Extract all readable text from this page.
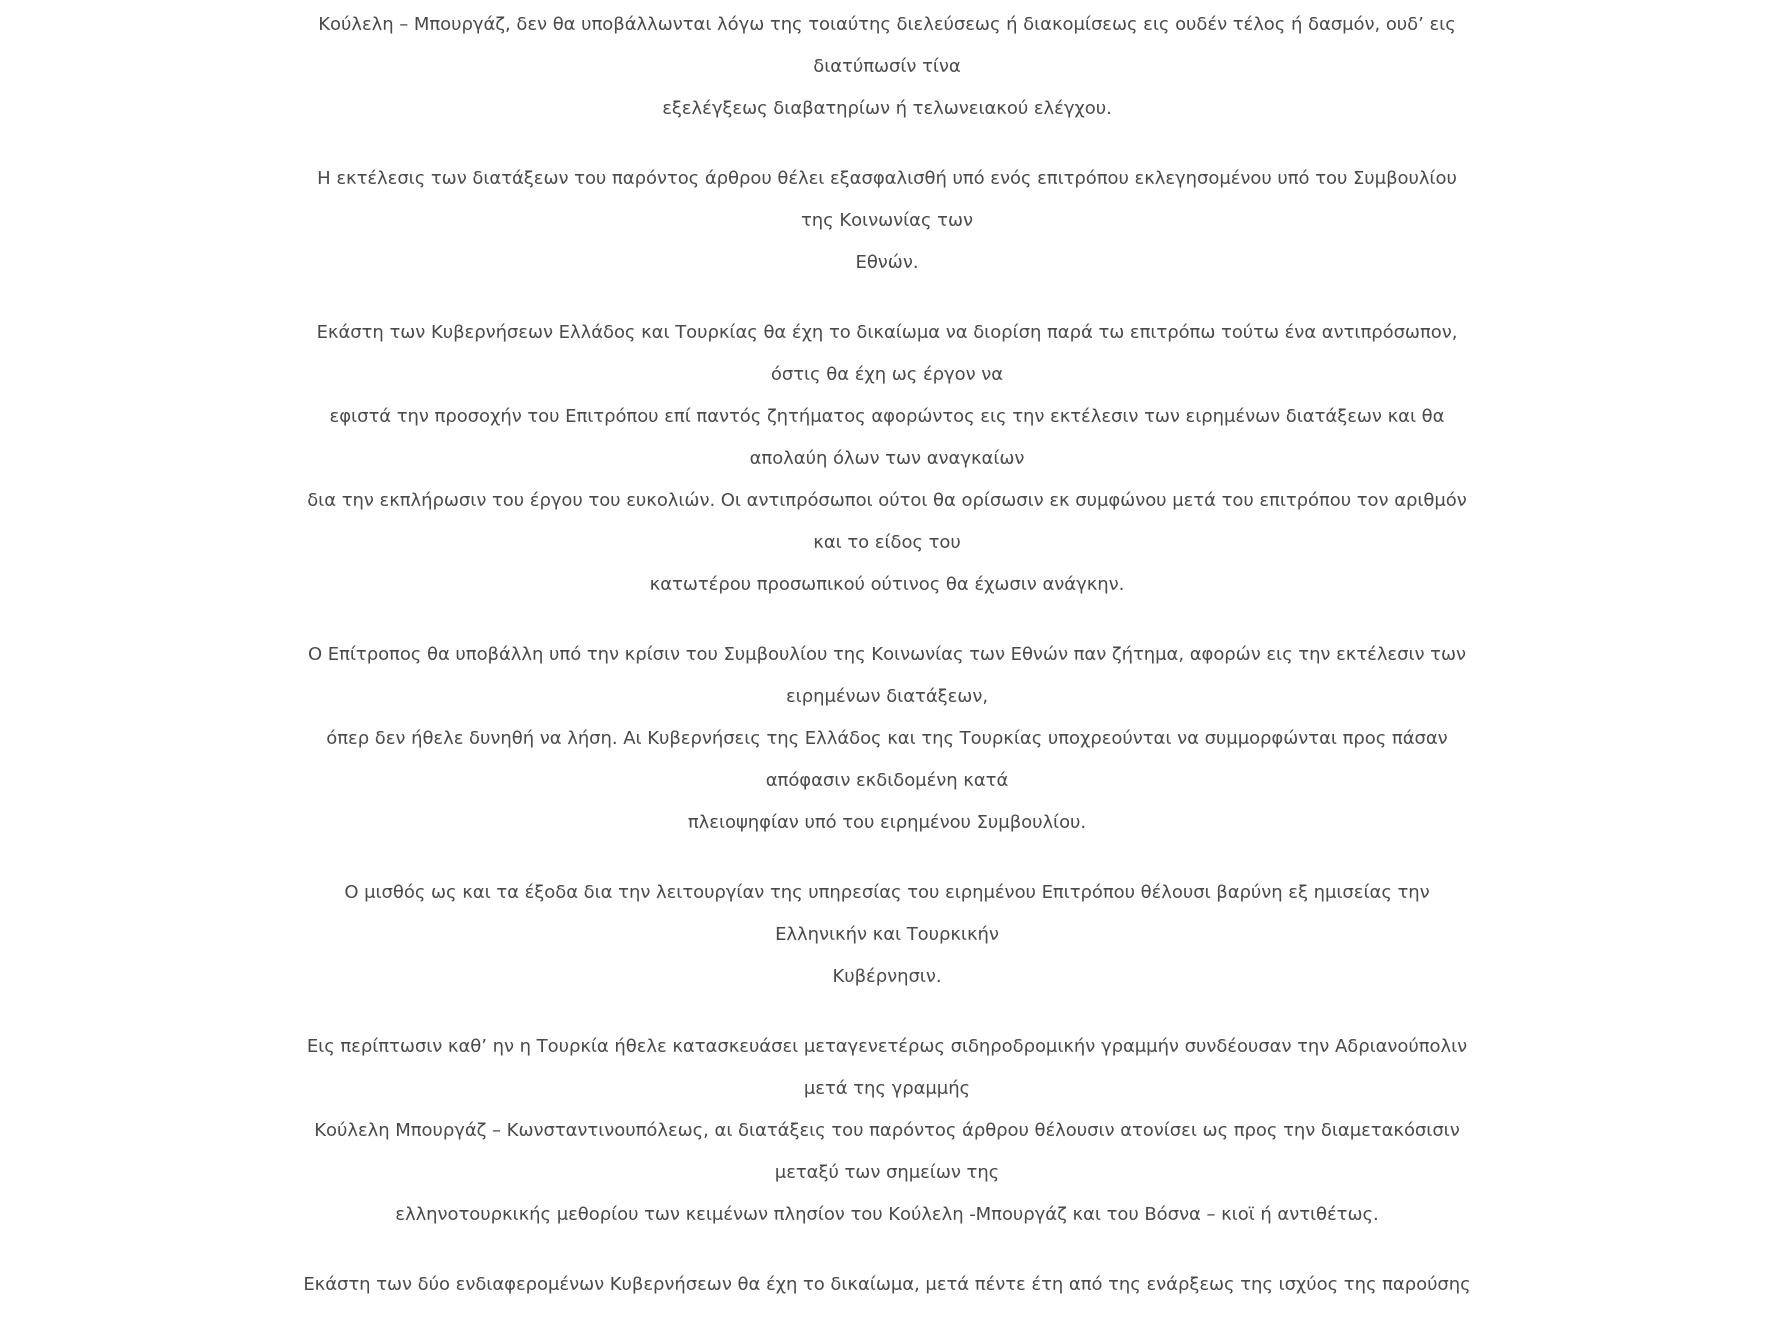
Κούλελη – Μπουργάζ, δεν θα υποβάλλωνται λόγω της τοιαύτης διελεύσεως ή διακομίσεως εις ουδέν τέλος ή δασμόν, ουδ’ εις
διατύπωσίν τίνα
εξελέγξεως διαβατηρίων ή τελωνειακού ελέγχου.
Η εκτέλεσις των διατάξεων του παρόντος άρθρου θέλει εξασφαλισθή υπό ενός επιτρόπου εκλεγησομένου υπό του Συμβουλίου
της Κοινωνίας των
Εθνών.
Εκάστη των Κυβερνήσεων Ελλάδος και Τουρκίας θα έχη το δικαίωμα να διορίση παρά τω επιτρόπω τούτω ένα αντιπρόσωπον,
όστις θα έχη ως έργον να
εφιστά την προσοχήν του Επιτρόπου επί παντός ζητήματος αφορώντος εις την εκτέλεσιν των ειρημένων διατάξεων και θα
απολαύη όλων των αναγκαίων
δια την εκπλήρωσιν του έργου του ευκολιών. Οι αντιπρόσωποι ούτοι θα ορίσωσιν εκ συμφώνου μετά του επιτρόπου τον αριθμόν
και το είδος του
κατωτέρου προσωπικού ούτινος θα έχωσιν ανάγκην.
Ο Επίτροπος θα υποβάλλη υπό την κρίσιν του Συμβουλίου της Κοινωνίας των Εθνών παν ζήτημα, αφορών εις την εκτέλεσιν των
ειρημένων διατάξεων,
όπερ δεν ήθελε δυνηθή να λήση. Αι Κυβερνήσεις της Ελλάδος και της Τουρκίας υποχρεούνται να συμμορφώνται προς πάσαν
απόφασιν εκδιδομένη κατά
πλειοψηφίαν υπό του ειρημένου Συμβουλίου.
Ο μισθός ως και τα έξοδα δια την λειτουργίαν της υπηρεσίας του ειρημένου Επιτρόπου θέλουσι βαρύνη εξ ημισείας την
Ελληνικήν και Τουρκικήν
Κυβέρνησιν.
Εις περίπτωσιν καθ’ ην η Τουρκία ήθελε κατασκευάσει μεταγενετέρως σιδηροδρομικήν γραμμήν συνδέουσαν την Αδριανούπολιν
μετά της γραμμής
Κούλελη Μπουργάζ – Κωνσταντινουπόλεως, αι διατάξεις του παρόντος άρθρου θέλουσιν ατονίσει ως προς την διαμετακόσισιν
μεταξύ των σημείων της
ελληνοτουρκικής μεθορίου των κειμένων πλησίον του Κούλελη -Μπουργάζ και του Βόσνα – κιοϊ ή αντιθέτως.
Εκάστη των δύο ενδιαφερομένων Κυβερνήσεων θα έχη το δικαίωμα, μετά πέντε έτη από της ενάρξεως της ισχύος της παρούσης
